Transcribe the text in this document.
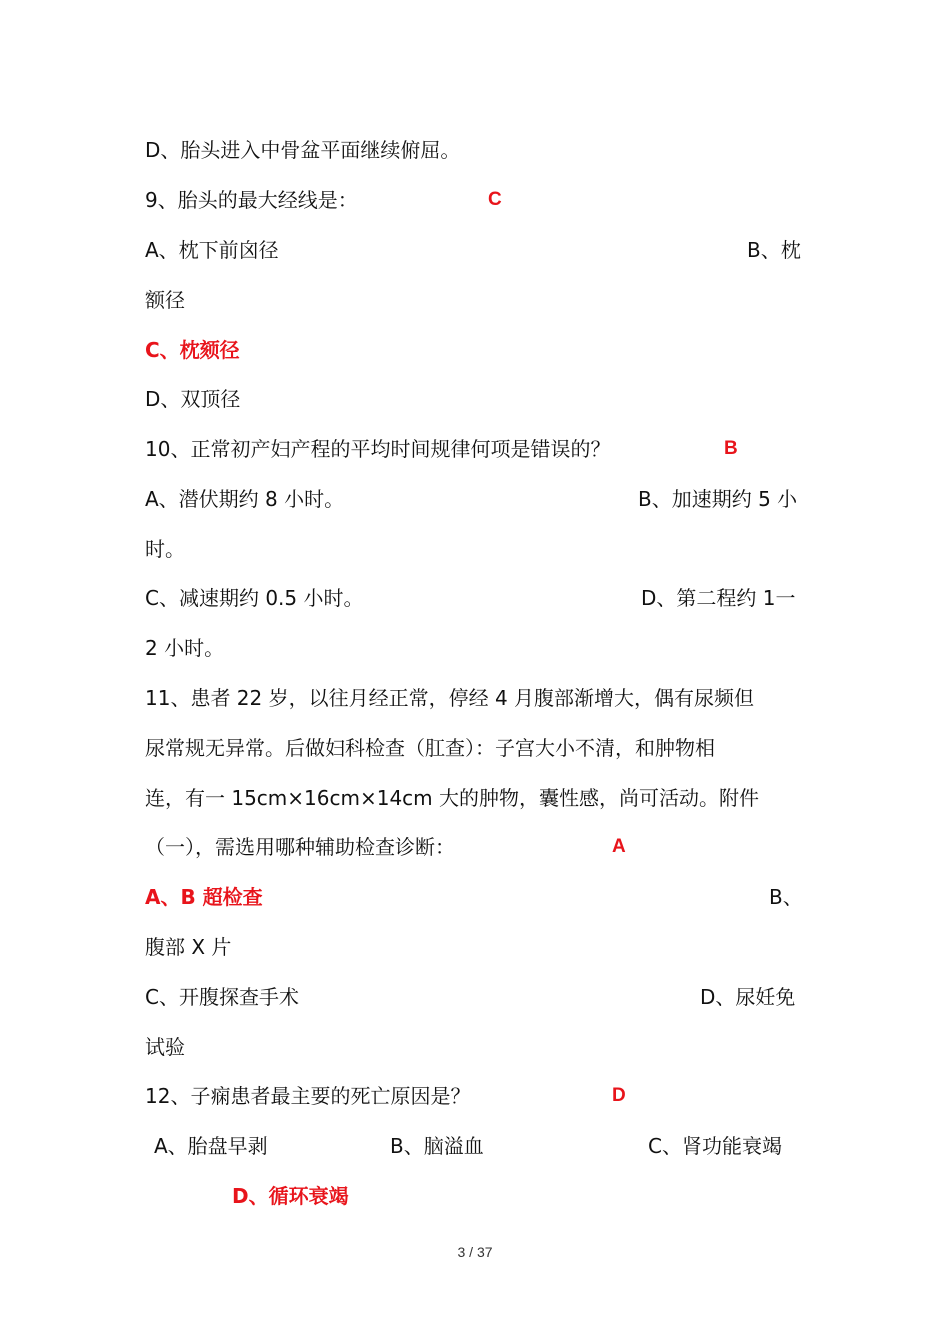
D、胎头进入中骨盆平面继续俯屈。
9、胎头的最大经线是：	C
A、枕下前囟径	B、枕
额径
C、枕颏径
D、双顶径
10、正常初产妇产程的平均时间规律何项是错误的？	B
A、潜伏期约 8 小时。	B、加速期约 5 小
时。
C、减速期约 0.5 小时。	D、第二程约 1一
2 小时。
11、患者 22 岁，以往月经正常，停经 4 月腹部渐增大，偶有尿频但
尿常规无异常。后做妇科检查（肛查）：子宫大小不清，和肿物相
连，有一 15cm×16cm×14cm 大的肿物，囊性感，尚可活动。附件
（一），需选用哪种辅助检查诊断：	A
A、B 超检查	B、
腹部 X 片
C、开腹探查手术	D、尿妊免
试验
12、子痫患者最主要的死亡原因是？	D
A、胎盘早剥	B、脑溢血	C、肾功能衰竭
D、循环衰竭
3 / 37
